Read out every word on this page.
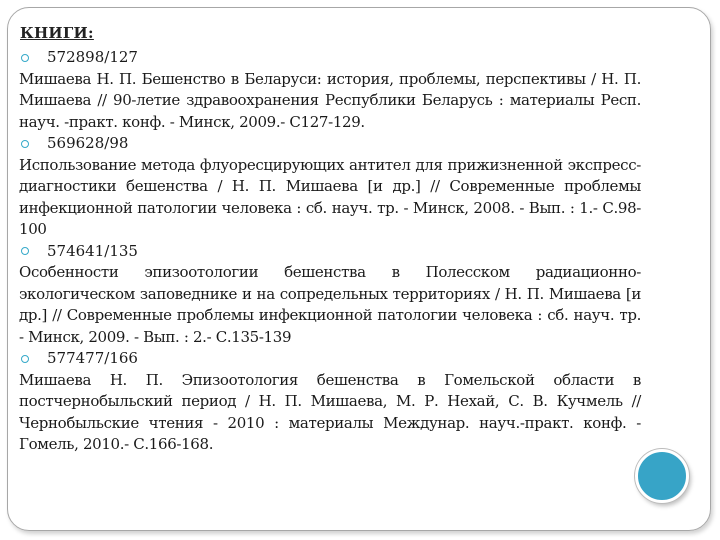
КНИГИ:
572898/127

Мишаева Н. П. Бешенство в Беларуси: история, проблемы, перспективы / Н. П. Мишаева // 90-летие здравоохранения Республики Беларусь : материалы Респ. науч. -практ. конф. - Минск, 2009.- С127-129.

569628/98

Использование метода флуоресцирующих антител для прижизненной экспресс-диагностики бешенства / Н. П. Мишаева [и др.] // Современные проблемы инфекционной патологии человека : сб. науч. тр. - Минск, 2008. - Вып. : 1.- С.98-100

574641/135

Особенности эпизоотологии бешенства в Полесском радиационно-экологическом заповеднике и на сопредельных территориях / Н. П. Мишаева [и др.] // Современные проблемы инфекционной патологии человека : сб. науч. тр. - Минск, 2009. - Вып. : 2.- С.135-139

577477/166

Мишаева Н. П. Эпизоотология бешенства в Гомельской области в постчернобыльский период / Н. П. Мишаева, М. Р. Нехай, С. В. Кучмель // Чернобыльские чтения - 2010 : материалы Междунар. науч.-практ. конф. - Гомель, 2010.- С.166-168.
